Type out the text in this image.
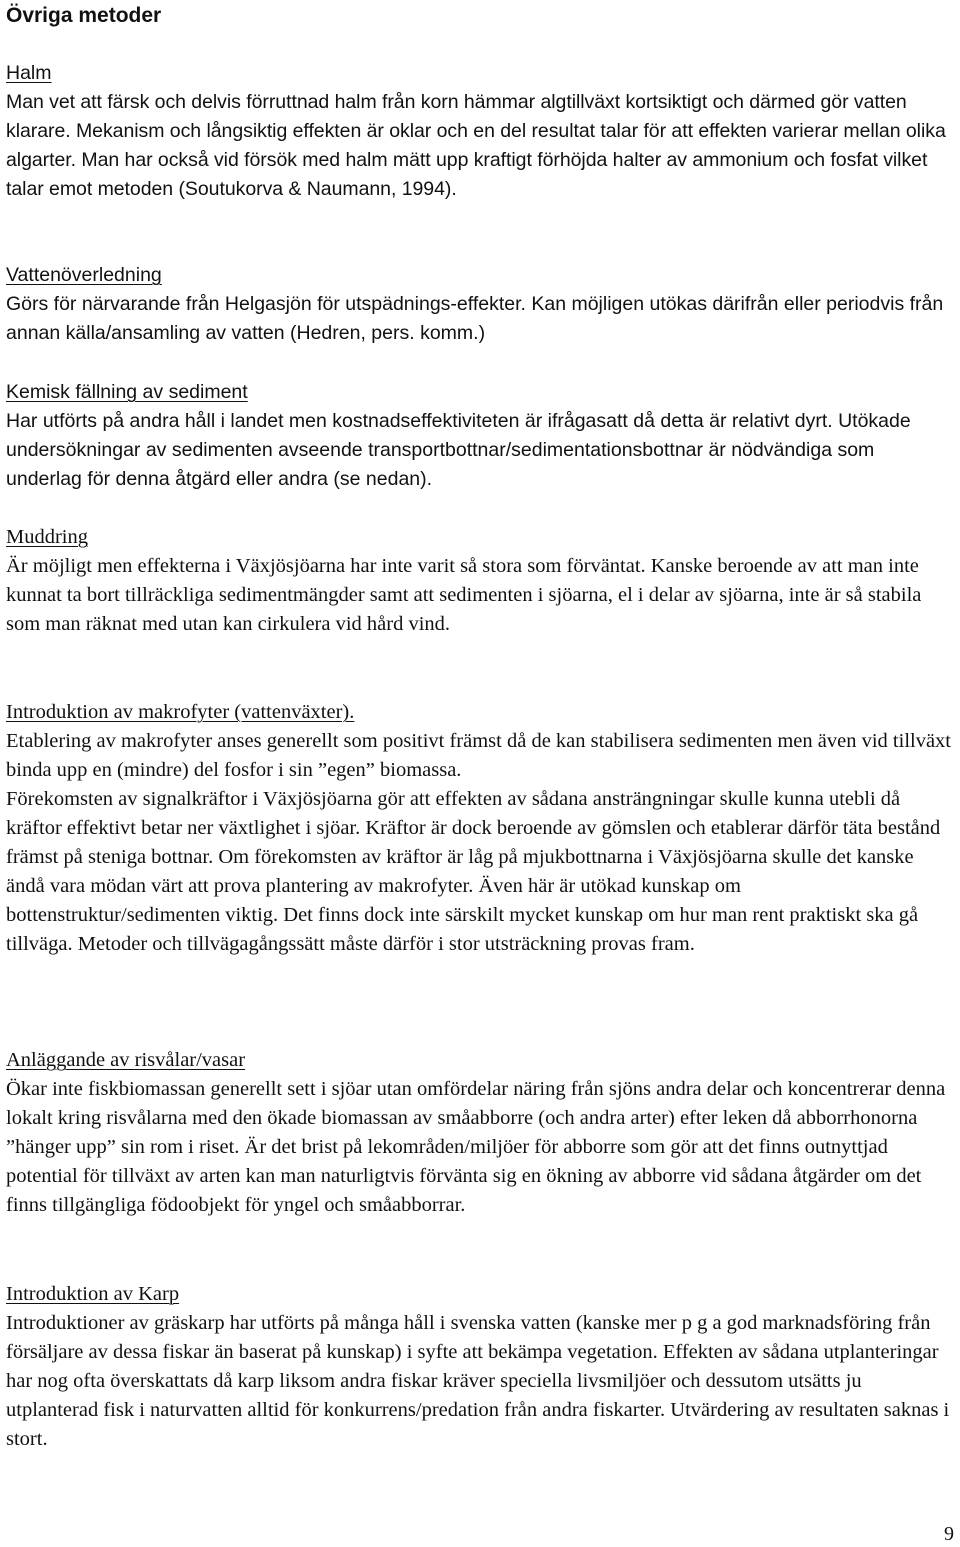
Övriga metoder
Halm

Man vet att färsk och delvis förruttnad halm från korn hämmar algtillväxt kortsiktigt och därmed gör vatten klarare. Mekanism och långsiktig effekten är oklar och en del resultat talar för att effekten varierar mellan olika algarter. Man har också vid försök med halm mätt upp kraftigt förhöjda halter av ammonium och fosfat vilket talar emot metoden (Soutukorva & Naumann, 1994).

Vattenöverledning

Görs för närvarande från Helgasjön för utspädnings-effekter. Kan möjligen utökas därifrån eller periodvis från annan källa/ansamling av vatten (Hedren, pers. komm.)

Kemisk fällning av sediment

Har utförts på andra håll i landet men kostnadseffektiviteten är ifrågasatt då detta är relativt dyrt. Utökade undersökningar av sedimenten avseende transportbottnar/sedimentationsbottnar är nödvändiga som underlag för denna åtgärd eller andra (se nedan).

Muddring

Är möjligt men effekterna i Växjösjöarna har inte varit så stora som förväntat. Kanske beroende av att man inte kunnat ta bort tillräckliga sedimentmängder samt att sedimenten i sjöarna, el i delar av sjöarna, inte är så stabila som man räknat med utan kan cirkulera vid hård vind.

Introduktion av makrofyter (vattenväxter).

Etablering av makrofyter anses generellt som positivt främst då de kan stabilisera sedimenten men även vid tillväxt binda upp en (mindre) del fosfor i sin ”egen” biomassa.

Förekomsten av signalkräftor i Växjösjöarna gör att effekten av sådana ansträngningar skulle kunna utebli då kräftor effektivt betar ner växtlighet i sjöar. Kräftor är dock beroende av gömslen och etablerar därför täta bestånd främst på steniga bottnar. Om förekomsten av kräftor är låg på mjukbottnarna i Växjösjöarna skulle det kanske ändå vara mödan värt att prova plantering av makrofyter. Även här är utökad kunskap om bottenstruktur/sedimenten viktig. Det finns dock inte särskilt mycket kunskap om hur man rent praktiskt ska gå tillväga. Metoder och tillvägagångssätt måste därför i stor utsträckning provas fram.

Anläggande av risvålar/vasar

Ökar inte fiskbiomassan generellt sett i sjöar utan omfördelar näring från sjöns andra delar och koncentrerar denna lokalt kring risvålarna med den ökade biomassan av småabborre (och andra arter) efter leken då abborrhonorna ”hänger upp” sin rom i riset. Är det brist på lekområden/miljöer för abborre som gör att det finns outnyttjad potential för tillväxt av arten kan man naturligtvis förvänta sig en ökning av abborre vid sådana åtgärder om det finns tillgängliga födoobjekt för yngel och småabborrar.

Introduktion av Karp

Introduktioner av gräskarp har utförts på många håll i svenska vatten (kanske mer p g a god marknadsföring från försäljare av dessa fiskar än baserat på kunskap) i syfte att bekämpa vegetation. Effekten av sådana utplanteringar har nog ofta överskattats då karp liksom andra fiskar kräver speciella livsmiljöer och dessutom utsätts ju utplanterad fisk i naturvatten alltid för konkurrens/predation från andra fiskarter. Utvärdering av resultaten saknas i stort.

9
